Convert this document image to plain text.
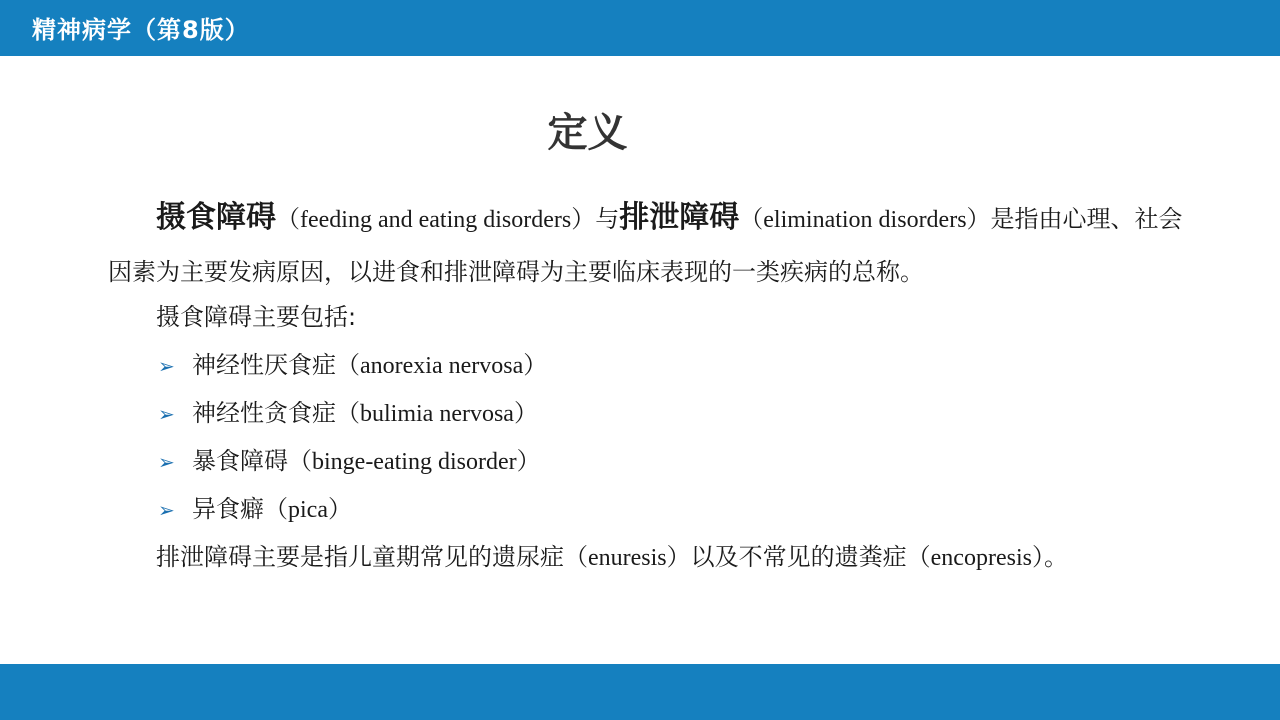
精神病学（第8版）
定义
摄食障碍（feeding and eating disorders）与排泄障碍（elimination disorders）是指由心理、社会因素为主要发病原因，以进食和排泄障碍为主要临床表现的一类疾病的总称。
摄食障碍主要包括:
➢ 神经性厌食症（anorexia nervosa）
➢ 神经性贪食症（bulimia nervosa）
➢ 暴食障碍（binge-eating disorder）
➢ 异食癖（pica）
排泄障碍主要是指儿童期常见的遗尿症（enuresis）以及不常见的遗粪症（encopresis）。
